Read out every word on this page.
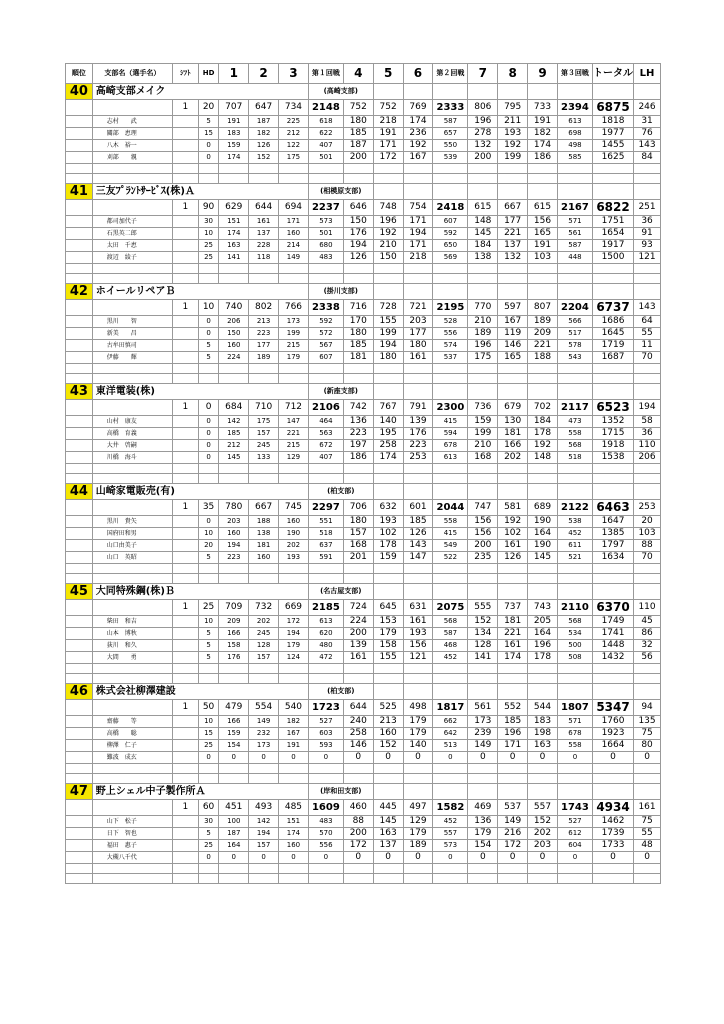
順位	支部名（選手名）	ｼﾌﾄ	HD	1	2	3	第１回戦	4	5	6	第２回戦	7	8	9	第３回戦	トータル	LH
40	高崎支部メイク						(高崎支部)										
		1	20	707	647	734	2148	752	752	769	2333	806	795	733	2394	6875	246
	志村　　武		5	191	187	225	618	180	218	174	587	196	211	191	613	1818	31
	關部　恵理		15	183	182	212	622	185	191	236	657	278	193	182	698	1977	76
	八木　裕一		0	159	126	122	407	187	171	192	550	132	192	174	498	1455	143
	刈部　　親		0	174	152	175	501	200	172	167	539	200	199	186	585	1625	84

41	三友ﾌﾟﾗﾝﾄｻｰﾋﾞｽ(株)Ａ						(相模原支部)										
		1	90	629	644	694	2237	646	748	754	2418	615	667	615	2167	6822	251
	都司加代子		30	151	161	171	573	150	196	171	607	148	177	156	571	1751	36
	石黒英二郎		10	174	137	160	501	176	192	194	592	145	221	165	561	1654	91
	太田　千恵		25	163	228	214	680	194	210	171	650	184	137	191	587	1917	93
	渡辺　綾子		25	141	118	149	483	126	150	218	569	138	132	103	448	1500	121

42	ホイールリペアＢ						(掛川支部)										
		1	10	740	802	766	2338	716	728	721	2195	770	597	807	2204	6737	143
	黒川　　智		0	206	213	173	592	170	155	203	528	210	167	189	566	1686	64
	新美　　昌		0	150	223	199	572	180	199	177	556	189	119	209	517	1645	55
	古牟田慎司		5	160	177	215	567	185	194	180	574	196	146	221	578	1719	11
	伊藤　　輝		5	224	189	179	607	181	180	161	537	175	165	188	543	1687	70

43	東洋電装(株)						(新座支部)										
		1	0	684	710	712	2106	742	767	791	2300	736	679	702	2117	6523	194
	山村　康友		0	142	175	147	464	136	140	139	415	159	130	184	473	1352	58
	高橋　育義		0	185	157	221	563	223	195	176	594	199	181	178	558	1715	36
	大井　啓嗣		0	212	245	215	672	197	258	223	678	210	166	192	568	1918	110
	川橋　海斗		0	145	133	129	407	186	174	253	613	168	202	148	518	1538	206

44	山崎家電販売(有)						(柏支部)										
		1	35	780	667	745	2297	706	632	601	2044	747	581	689	2122	6463	253
	黒川　貴矢		0	203	188	160	551	180	193	185	558	156	192	190	538	1647	20
	国府田和男		10	160	138	190	518	157	102	126	415	156	102	164	452	1385	103
	山口由美子		20	194	181	202	637	168	178	143	549	200	161	190	611	1797	88
	山口　英昭		5	223	160	193	591	201	159	147	522	235	126	145	521	1634	70

45	大同特殊鋼(株)Ｂ						(名古屋支部)										
		1	25	709	732	669	2185	724	645	631	2075	555	737	743	2110	6370	110
	柴田　和吉		10	209	202	172	613	224	153	161	568	152	181	205	568	1749	45
	山本　博秋		5	166	245	194	620	200	179	193	587	134	221	164	534	1741	86
	荻川　和久		5	158	128	179	480	139	158	156	468	128	161	196	500	1448	32
	大間　　勇		5	176	157	124	472	161	155	121	452	141	174	178	508	1432	56

46	株式会社柳澤建設						(柏支部)										
		1	50	479	554	540	1723	644	525	498	1817	561	552	544	1807	5347	94
	齋藤　　等		10	166	149	182	527	240	213	179	662	173	185	183	571	1760	135
	高橋　　聡		15	159	232	167	603	258	160	179	642	239	196	198	678	1923	75
	柳澤　仁子		25	154	173	191	593	146	152	140	513	149	171	163	558	1664	80
	難波　成玄		0	0	0	0	0	0	0	0	0	0	0	0	0	0	0

47	野上シェル中子製作所Ａ						(岸和田支部)										
		1	60	451	493	485	1609	460	445	497	1582	469	537	557	1743	4934	161
	山下　松子		30	100	142	151	483	88	145	129	452	136	149	152	527	1462	75
	日下　智也		5	187	194	174	570	200	163	179	557	179	216	202	612	1739	55
	福田　惠子		25	164	157	160	556	172	137	189	573	154	172	203	604	1733	48
	大槻八千代		0	0	0	0	0	0	0	0	0	0	0	0	0	0	0
